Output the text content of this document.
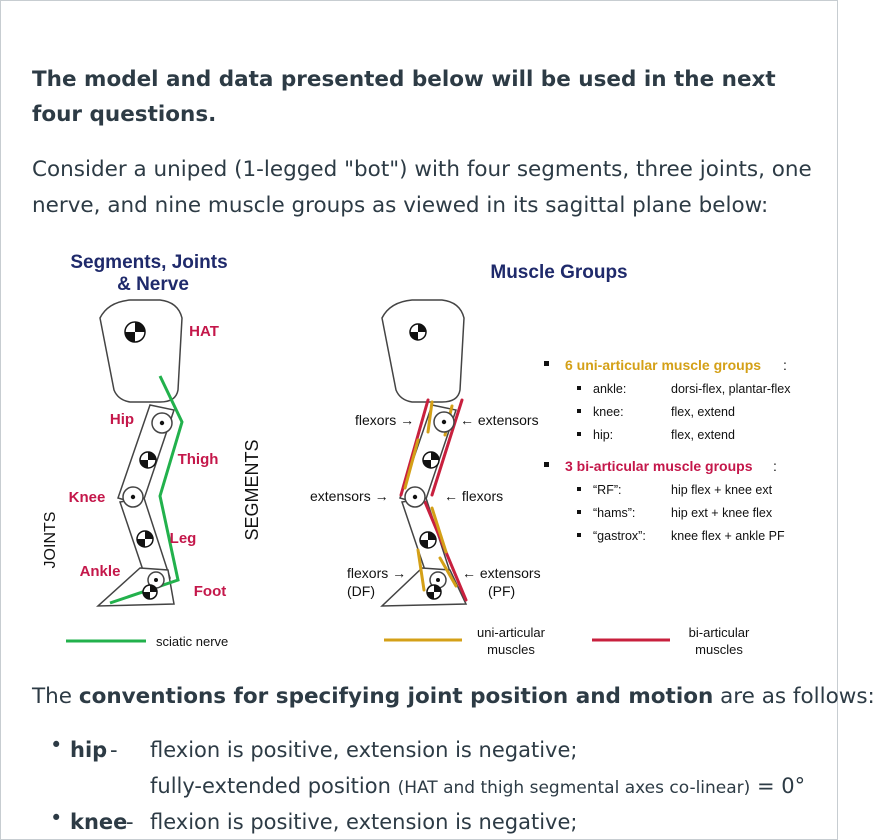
The model and data presented below will be used in the next four questions.
Consider a uniped (1-legged "bot") with four segments, three joints, one nerve, and nine muscle groups as viewed in its sagittal plane below:
Segments, Joints
& Nerve
Muscle Groups
JOINTS	SEGMENTS
HAT
Hip
Thigh
Knee
Leg
Ankle
Foot
sciatic nerve
flexors →	← extensors
extensors →	← flexors
flexors →
(DF)
← extensors
(PF)
6 uni-articular muscle groups :
ankle:	dorsi-flex, plantar-flex
knee:	flex, extend
hip:	flex, extend
3 bi-articular muscle groups :
“RF”:	hip flex + knee ext
“hams”:	hip ext + knee flex
“gastrox”: knee flex + ankle PF
uni-articular
muscles
bi-articular
muscles
The conventions for specifying joint position and motion are as follows:
• hip - flexion is positive, extension is negative;
fully-extended position (HAT and thigh segmental axes co-linear) = 0°
• knee
- flexion is positive, extension is negative;
